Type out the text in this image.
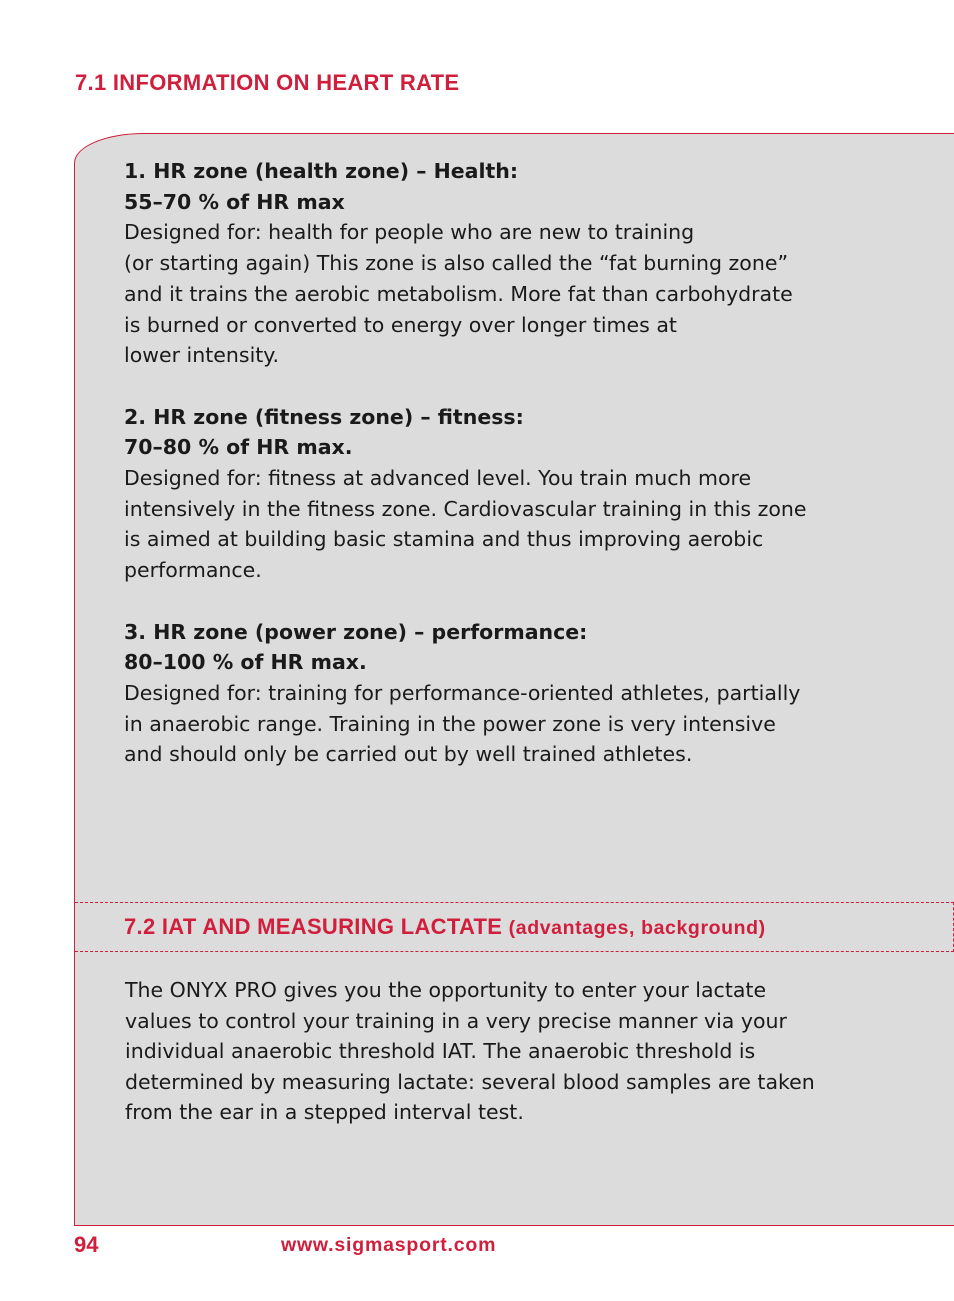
7.1 INFORMATION ON HEART RATE
1. HR zone (health zone) – Health:
55–70 % of HR max
Designed for: health for people who are new to training
(or starting again) This zone is also called the “fat burning zone”
and it trains the aerobic metabolism. More fat than carbohydrate
is burned or converted to energy over longer times at
lower intensity.
2. HR zone (fitness zone) – fitness:
70–80 % of HR max.
Designed for: fitness at advanced level. You train much more
intensively in the fitness zone. Cardiovascular training in this zone
is aimed at building basic stamina and thus improving aerobic
performance.
3. HR zone (power zone) – performance:
80–100 % of HR max.
Designed for: training for performance-oriented athletes, partially
in anaerobic range. Training in the power zone is very intensive
and should only be carried out by well trained athletes.
7.2 IAT AND MEASURING LACTATE (advantages, background)
The ONYX PRO gives you the opportunity to enter your lactate
values to control your training in a very precise manner via your
individual anaerobic threshold IAT. The anaerobic threshold is
determined by measuring lactate: several blood samples are taken
from the ear in a stepped interval test.
94	www.sigmasport.com
